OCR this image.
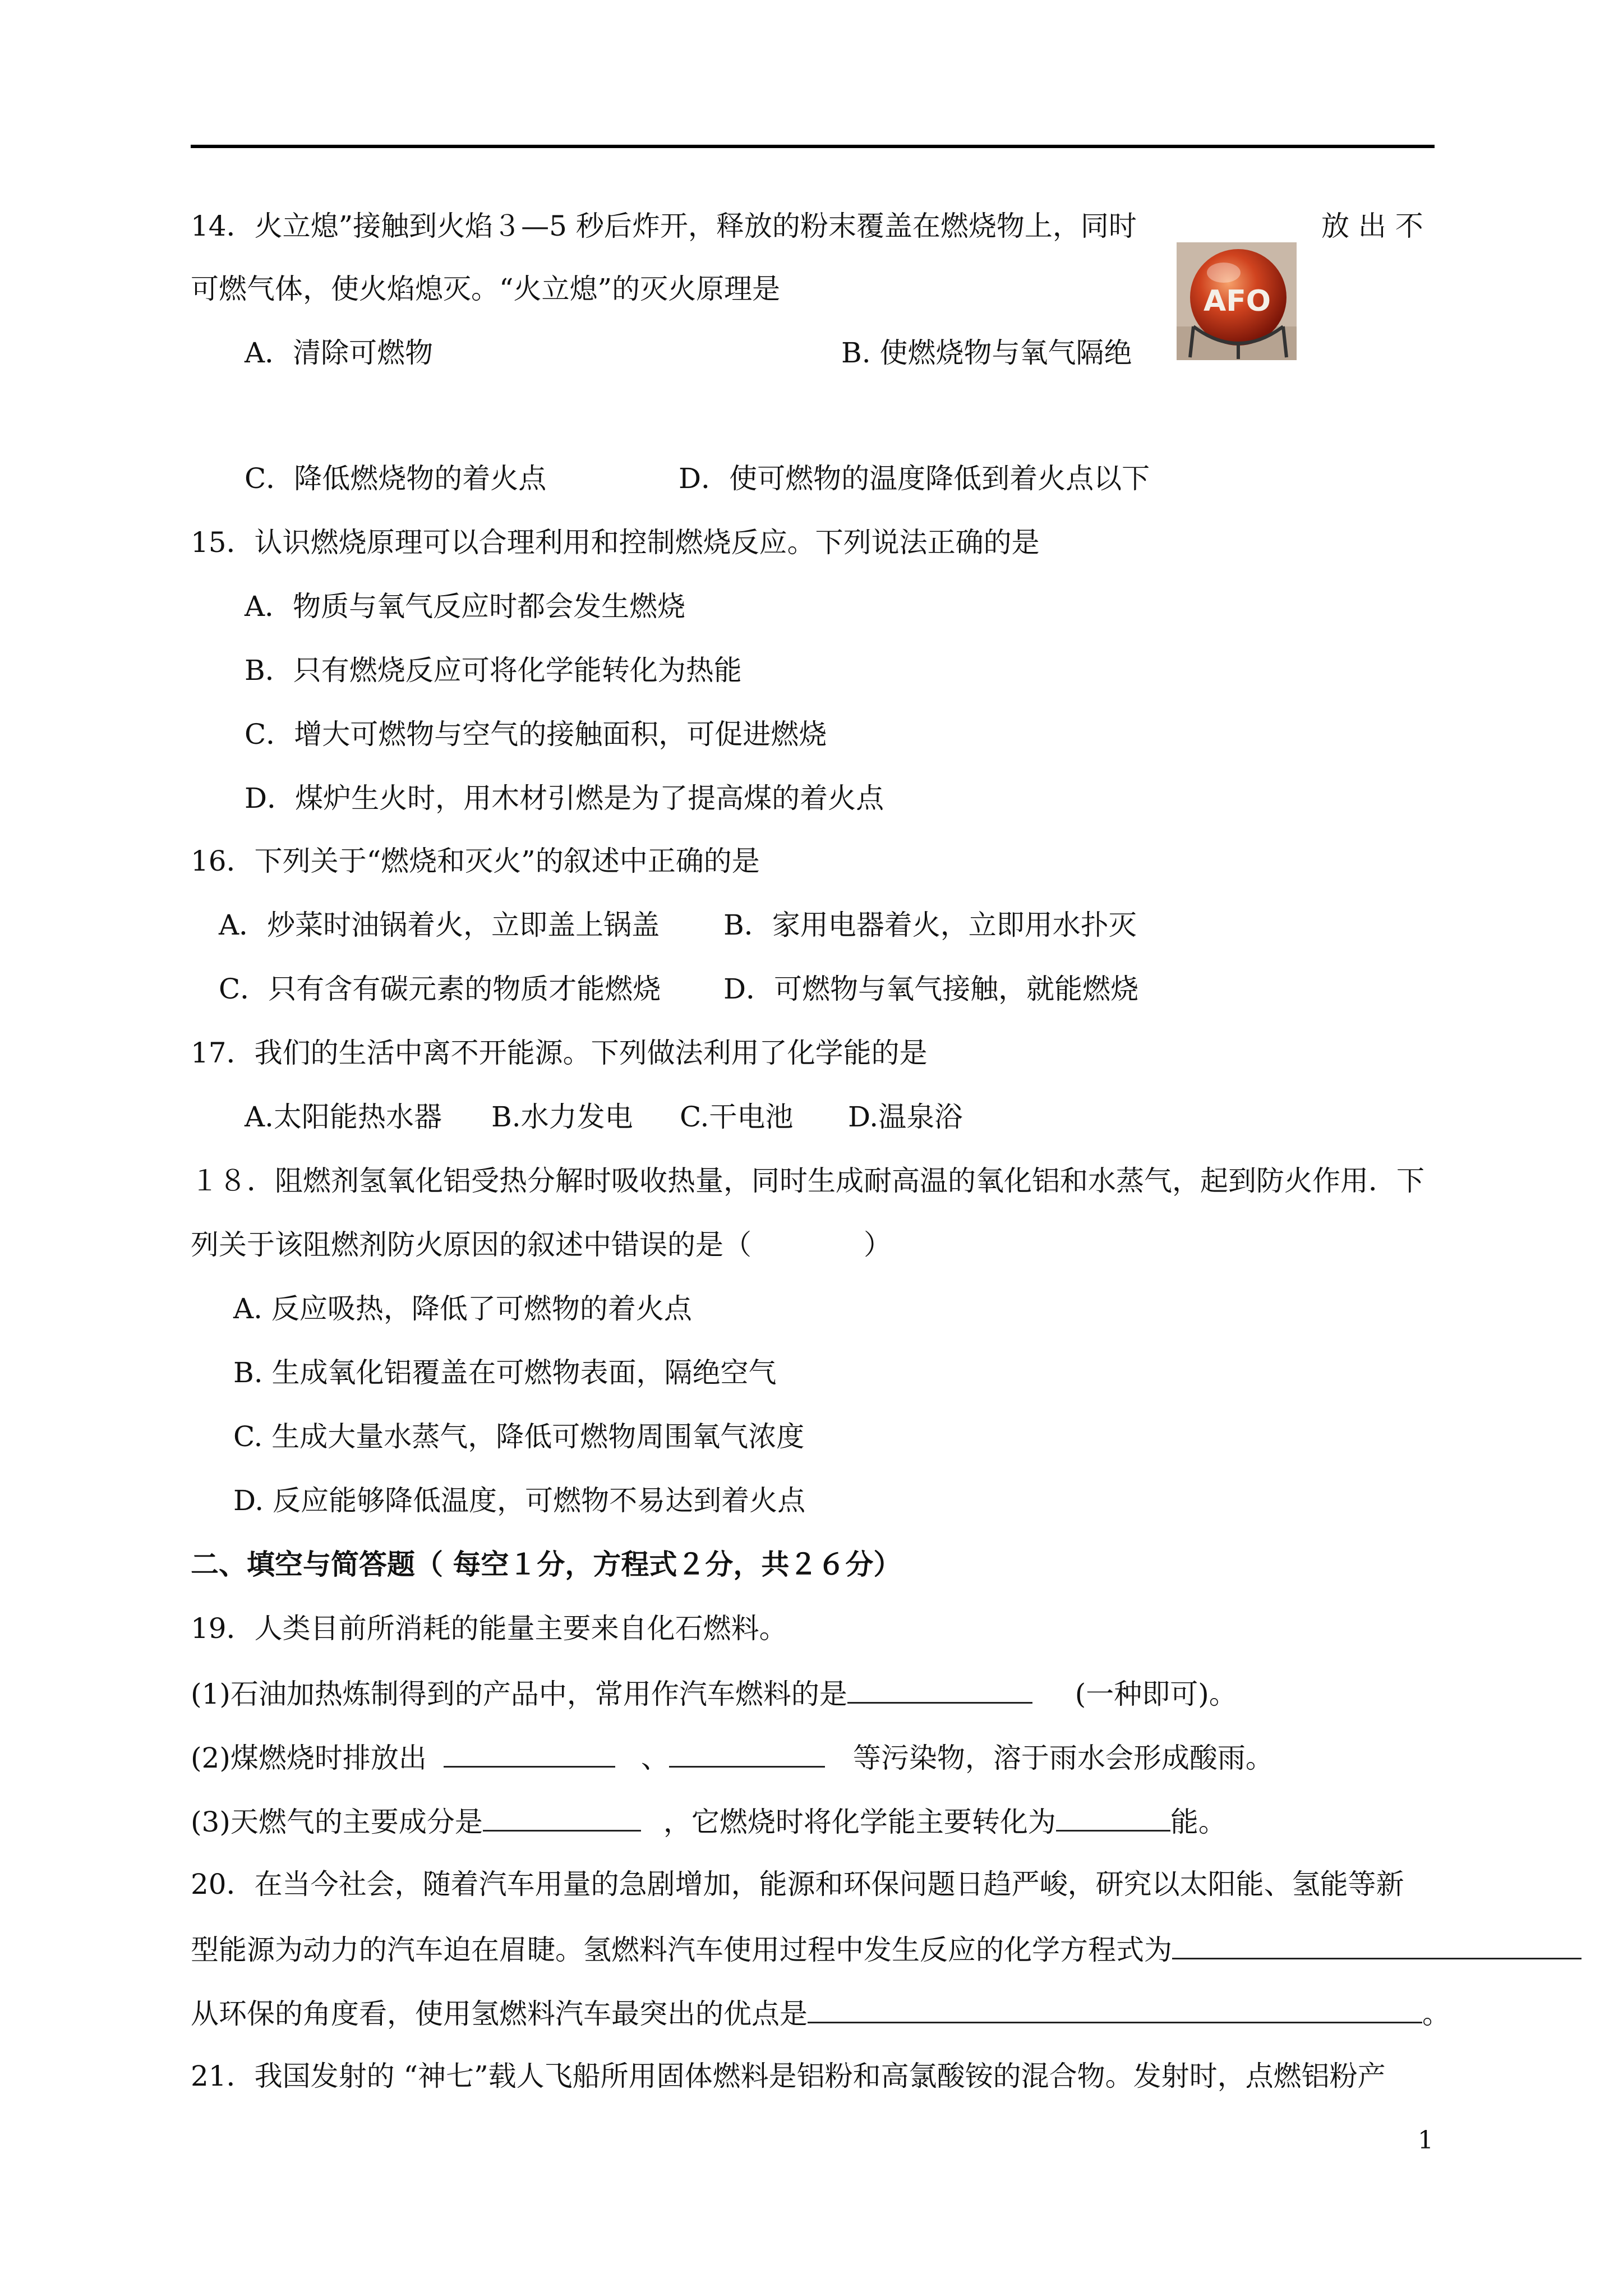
14．火立熄”接触到火焰３—5 秒后炸开，释放的粉末覆盖在燃烧物上，同时	放 出 不
可燃气体，使火焰熄灭。“火立熄”的灭火原理是
A．清除可燃物	B. 使燃烧物与氧气隔绝
AFO
C．降低燃烧物的着火点	D．使可燃物的温度降低到着火点以下
15．认识燃烧原理可以合理利用和控制燃烧反应。下列说法正确的是
A．物质与氧气反应时都会发生燃烧
B．只有燃烧反应可将化学能转化为热能
C．增大可燃物与空气的接触面积，可促进燃烧
D．煤炉生火时，用木材引燃是为了提高煤的着火点
16．下列关于“燃烧和灭火”的叙述中正确的是
A．炒菜时油锅着火，立即盖上锅盖 B．家用电器着火，立即用水扑灭
C．只有含有碳元素的物质才能燃烧 D．可燃物与氧气接触，就能燃烧
17．我们的生活中离不开能源。下列做法利用了化学能的是
A.太阳能热水器 B.水力发电 C.干电池 D.温泉浴
１８．阻燃剂氢氧化铝受热分解时吸收热量，同时生成耐高温的氧化铝和水蒸气，起到防火作用．下
列关于该阻燃剂防火原因的叙述中错误的是（　　　　）
A. 反应吸热，降低了可燃物的着火点
B. 生成氧化铝覆盖在可燃物表面，隔绝空气
C. 生成大量水蒸气，降低可燃物周围氧气浓度
D. 反应能够降低温度，可燃物不易达到着火点
二、填空与简答题（ 每空１分，方程式２分，共２６分）
19．人类目前所消耗的能量主要来自化石燃料。
(1)石油加热炼制得到的产品中，常用作汽车燃料的是	(一种即可)。
(2)煤燃烧时排放出	、	等污染物，溶于雨水会形成酸雨。
(3)天燃气的主要成分是	，它燃烧时将化学能主要转化为	能。
20．在当今社会，随着汽车用量的急剧增加，能源和环保问题日趋严峻，研究以太阳能、氢能等新
型能源为动力的汽车迫在眉睫。氢燃料汽车使用过程中发生反应的化学方程式为
从环保的角度看，使用氢燃料汽车最突出的优点是	。
21．我国发射的 “神七”载人飞船所用固体燃料是铝粉和高氯酸铵的混合物。发射时，点燃铝粉产
1
